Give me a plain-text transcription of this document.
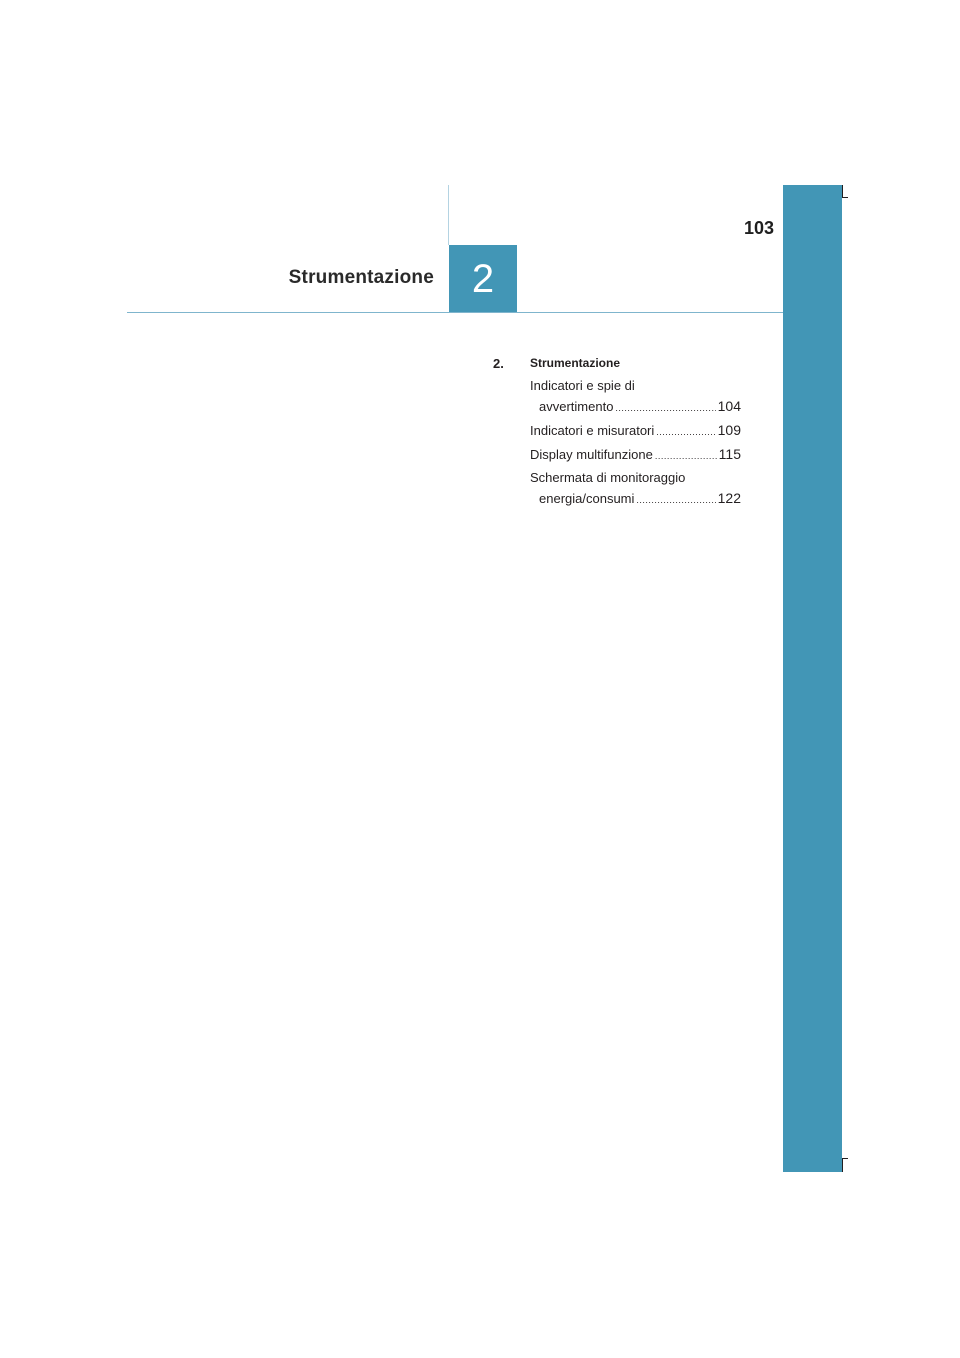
103
Strumentazione 2
2. Strumentazione
Indicatori e spie di
avvertimento .....	104
Indicatori e misuratori .....	109
Display multifunzione .....	115
Schermata di monitoraggio
energia/consumi .....	122
